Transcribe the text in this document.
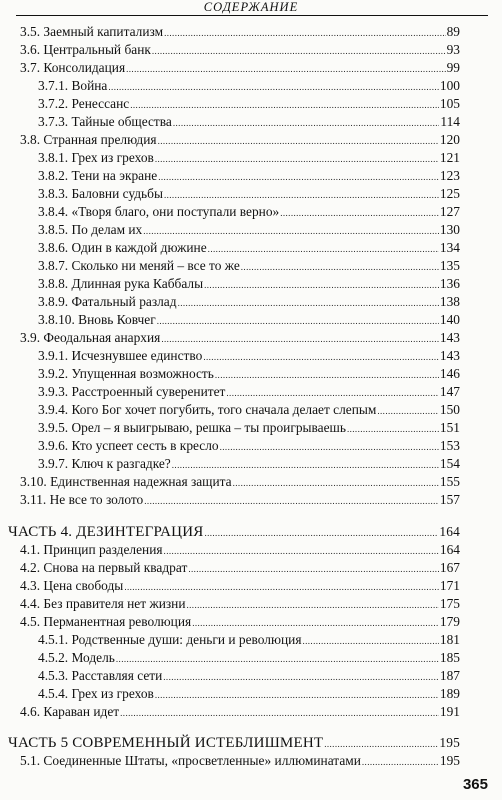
СОДЕРЖАНИЕ
3.5. Заемный капитализм .....	89
3.6. Центральный банк .....	93
3.7. Консолидация .....	99
3.7.1. Война .....	100
3.7.2. Ренессанс .....	105
3.7.3. Тайные общества .....	114
3.8. Странная прелюдия .....	120
3.8.1. Грех из грехов .....	121
3.8.2. Тени на экране .....	123
3.8.3. Баловни судьбы .....	125
3.8.4. «Творя благо, они поступали верно» .....	127
3.8.5. По делам их .....	130
3.8.6. Один в каждой дюжине .....	134
3.8.7. Сколько ни меняй – все то же .....	135
3.8.8. Длинная рука Каббалы .....	136
3.8.9. Фатальный разлад .....	138
3.8.10. Вновь Ковчег .....	140
3.9. Феодальная анархия .....	143
3.9.1. Исчезнувшее единство .....	143
3.9.2. Упущенная возможность .....	146
3.9.3. Расстроенный суверенитет .....	147
3.9.4. Кого Бог хочет погубить, того сначала делает слепым .....	150
3.9.5. Орел – я выигрываю, решка – ты проигрываешь .....	151
3.9.6. Кто успеет сесть в кресло .....	153
3.9.7. Ключ к разгадке? .....	154
3.10. Единственная надежная защита .....	155
3.11. Не все то золото .....	157
ЧАСТЬ 4. ДЕЗИНТЕГРАЦИЯ .....	164
4.1. Принцип разделения .....	164
4.2. Снова на первый квадрат .....	167
4.3. Цена свободы .....	171
4.4. Без правителя нет жизни .....	175
4.5. Перманентная революция .....	179
4.5.1. Родственные души: деньги и революция .....	181
4.5.2. Модель .....	185
4.5.3. Расставляя сети .....	187
4.5.4. Грех из грехов .....	189
4.6. Караван идет .....	191
ЧАСТЬ 5 СОВРЕМЕННЫЙ ИСТЕБЛИШМЕНТ .....	195
5.1. Соединенные Штаты, «просветленные» иллюминатами .....	195
365
